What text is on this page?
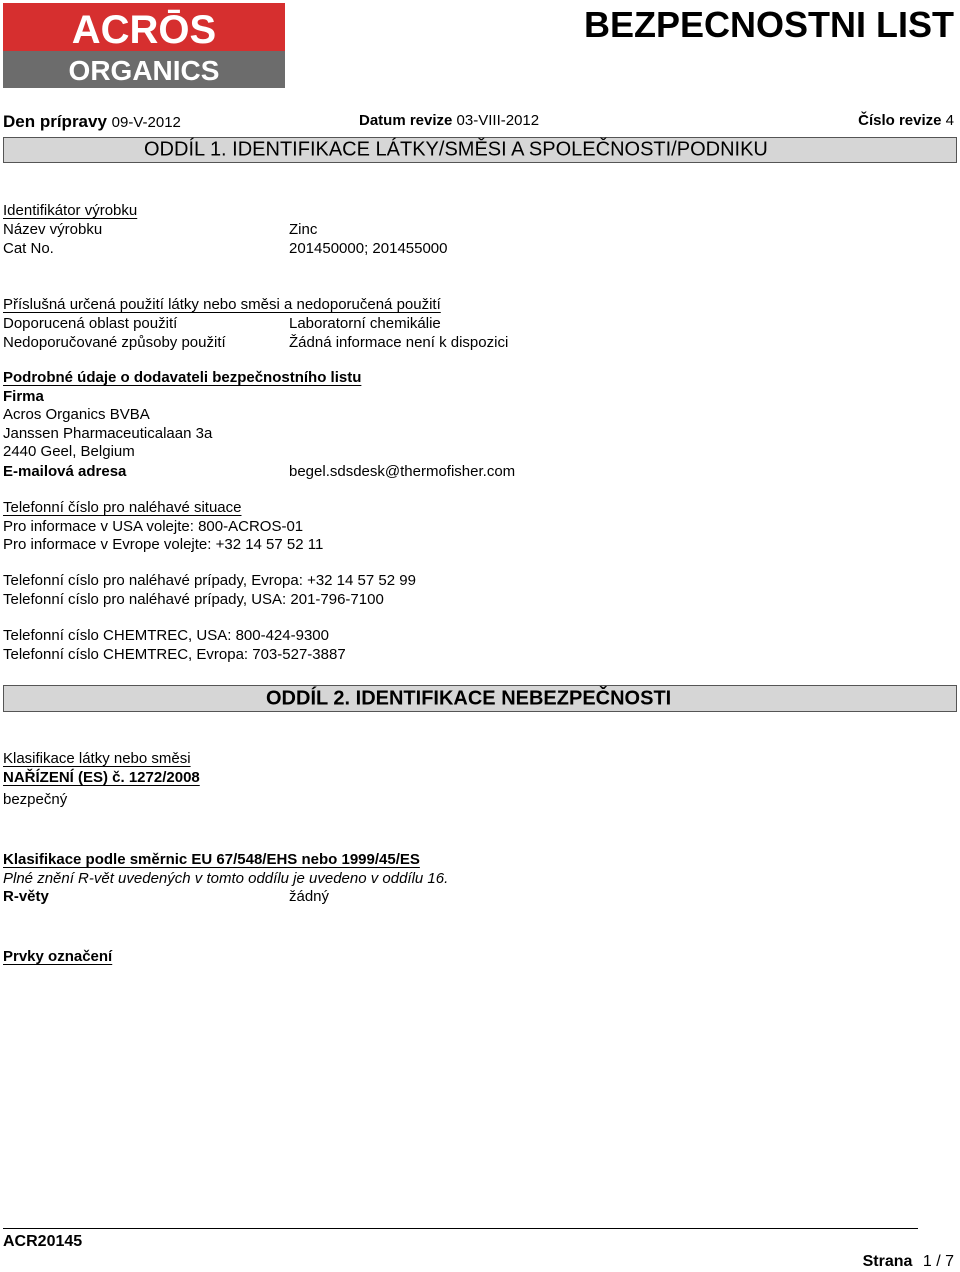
ACRŌS
ORGANICS
BEZPECNOSTNI LIST
Den prípravy 09-V-2012	Datum revize 03-VIII-2012	Číslo revize 4
ODDÍL 1. IDENTIFIKACE LÁTKY/SMĚSI A SPOLEČNOSTI/PODNIKU
Identifikátor výrobku
Název výrobku	Zinc
Cat No.	201450000; 201455000
Příslušná určená použití látky nebo směsi a nedoporučená použití
Doporucená oblast použití	Laboratorní chemikálie
Nedoporučované způsoby použití	Žádná informace není k dispozici
Podrobné údaje o dodavateli bezpečnostního listu
Firma
Acros Organics BVBA
Janssen Pharmaceuticalaan 3a
2440 Geel, Belgium
E-mailová adresa	begel.sdsdesk@thermofisher.com
Telefonní číslo pro naléhavé situace
Pro informace v USA volejte: 800-ACROS-01
Pro informace v Evrope volejte: +32 14 57 52 11
Telefonní císlo pro naléhavé prípady, Evropa: +32 14 57 52 99
Telefonní císlo pro naléhavé prípady, USA: 201-796-7100
Telefonní císlo CHEMTREC, USA: 800-424-9300
Telefonní císlo CHEMTREC, Evropa: 703-527-3887
ODDÍL 2. IDENTIFIKACE NEBEZPEČNOSTI
Klasifikace látky nebo směsi
NAŘÍZENÍ (ES) č. 1272/2008
bezpečný
Klasifikace podle směrnic EU 67/548/EHS nebo 1999/45/ES
Plné znění R-vět uvedených v tomto oddílu je uvedeno v oddílu 16.
R-věty	žádný
Prvky označení
ACR20145
Strana 1 / 7
